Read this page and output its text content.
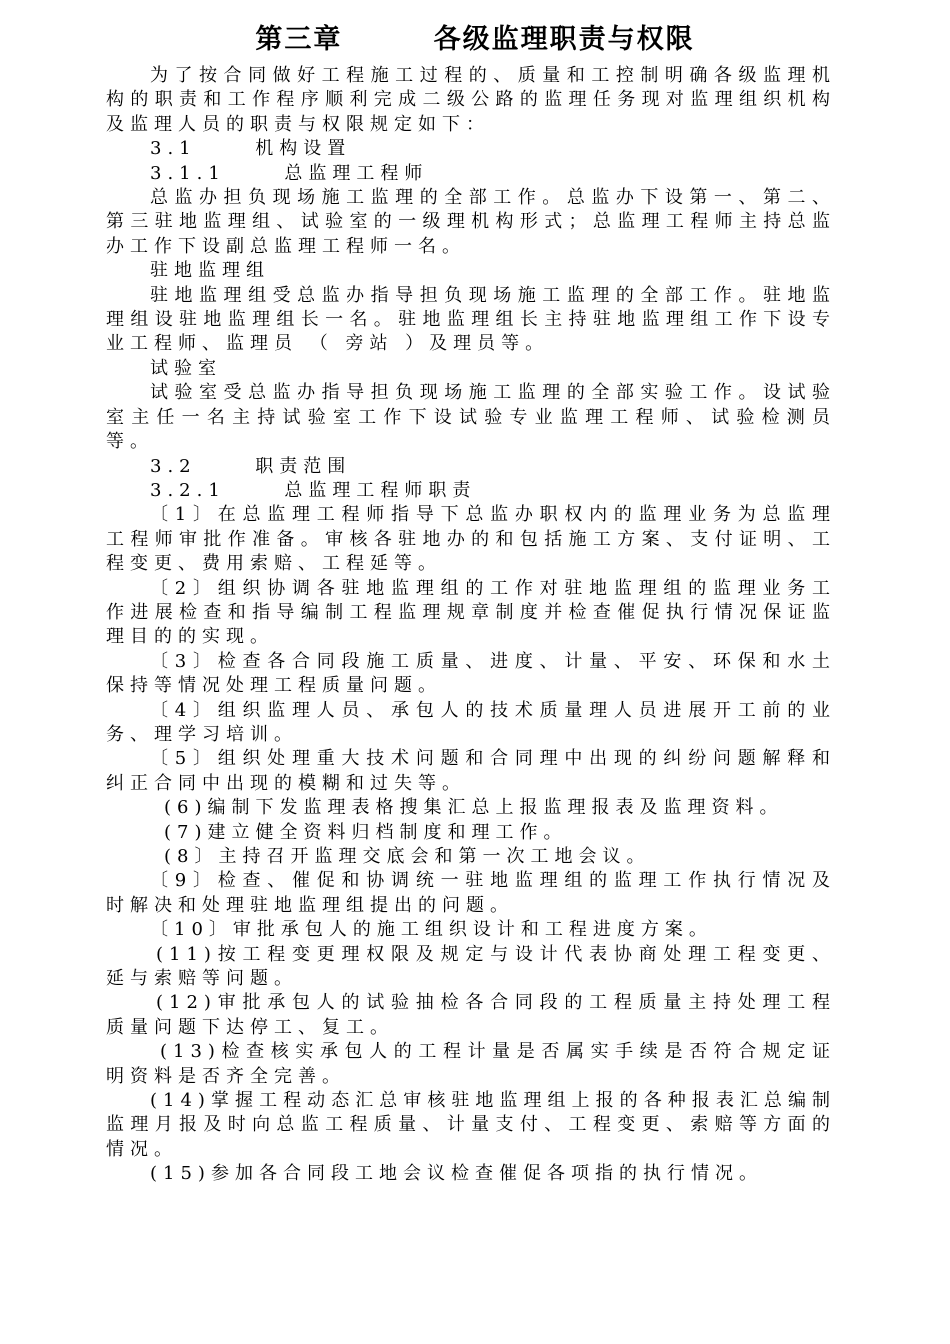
第三章        各级监理职责与权限

为了按合同做好工程施工过程的、质量和工控制明确各级监理机构的职责和工作程序顺利完成二级公路的监理任务现对监理组织机构及监理人员的职责与权限规定如下：

3.1     机构设置

3.1.1     总监理工程师

总监办担负现场施工监理的全部工作。总监办下设第一、第二、第三驻地监理组、试验室的一级理机构形式；总监理工程师主持总监办工作下设副总监理工程师一名。

驻地监理组

驻地监理组受总监办指导担负现场施工监理的全部工作。驻地监理组设驻地监理组长一名。驻地监理组长主持驻地监理组工作下设专业工程师、监理员 （ 旁站 ）及理员等。

试验室

试验室受总监办指导担负现场施工监理的全部实验工作。设试验室主任一名主持试验室工作下设试验专业监理工程师、试验检测员等。

3.2     职责范围

3.2.1     总监理工程师职责

〔1〕在总监理工程师指导下总监办职权内的监理业务为总监理工程师审批作准备。审核各驻地办的和包括施工方案、支付证明、工程变更、费用索赔、工程延等。

〔2〕组织协调各驻地监理组的工作对驻地监理组的监理业务工作进展检查和指导编制工程监理规章制度并检查催促执行情况保证监理目的的实现。

〔3〕检查各合同段施工质量、进度、计量、平安、环保和水土保持等情况处理工程质量问题。

〔4〕组织监理人员、承包人的技术质量理人员进展开工前的业务、理学习培训。

〔5〕组织处理重大技术问题和合同理中出现的纠纷问题解释和纠正合同中出现的模糊和过失等。

(6)编制下发监理表格搜集汇总上报监理报表及监理资料。

(7)建立健全资料归档制度和理工作。

(8〕主持召开监理交底会和第一次工地会议。

〔9〕检查、催促和协调统一驻地监理组的监理工作执行情况及时解决和处理驻地监理组提出的问题。

〔10〕审批承包人的施工组织设计和工程进度方案。

(11)按工程变更理权限及规定与设计代表协商处理工程变更、延与索赔等问题。

(12)审批承包人的试验抽检各合同段的工程质量主持处理工程质量问题下达停工、复工。

(13)检查核实承包人的工程计量是否属实手续是否符合规定证明资料是否齐全完善。

(14)掌握工程动态汇总审核驻地监理组上报的各种报表汇总编制监理月报及时向总监工程质量、计量支付、工程变更、索赔等方面的情况。

(15)参加各合同段工地会议检查催促各项指的执行情况。
